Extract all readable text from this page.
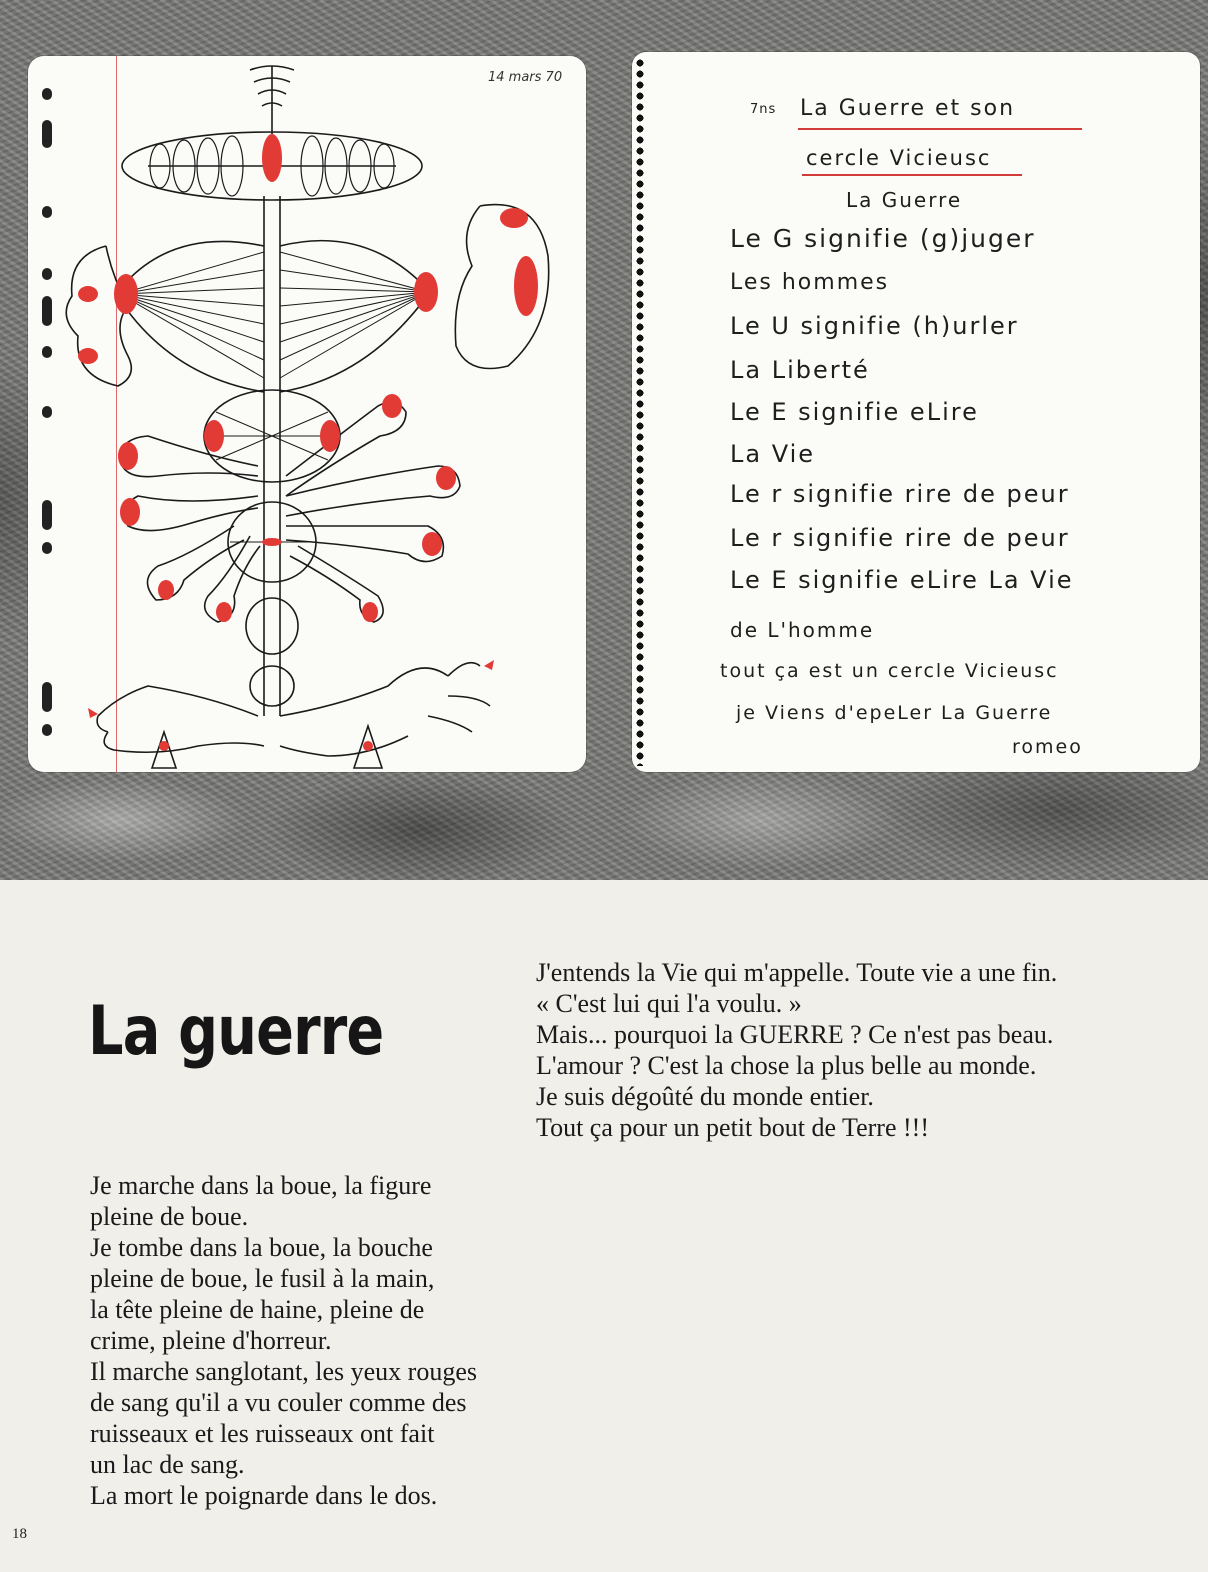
14 mars 70
7ns La Guerre et son
cercle Vicieusc
La Guerre
Le G signifie (g)juger
Les hommes
Le U signifie (h)urler
La Liberté
Le E signifie eLire
La Vie
Le r signifie rire de peur
Le r signifie rire de peur
Le E signifie eLire La Vie
de L'homme
tout ça est un cercle Vicieusc
je Viens d'epeLer La Guerre
romeo
La guerre
J'entends la Vie qui m'appelle. Toute vie a une fin.
« C'est lui qui l'a voulu. »
Mais... pourquoi la GUERRE ? Ce n'est pas beau.
L'amour ? C'est la chose la plus belle au monde.
Je suis dégoûté du monde entier.
Tout ça pour un petit bout de Terre !!!
Je marche dans la boue, la figure
pleine de boue.
Je tombe dans la boue, la bouche
pleine de boue, le fusil à la main,
la tête pleine de haine, pleine de
crime, pleine d'horreur.
Il marche sanglotant, les yeux rouges
de sang qu'il a vu couler comme des
ruisseaux et les ruisseaux ont fait
un lac de sang.
La mort le poignarde dans le dos.
18
